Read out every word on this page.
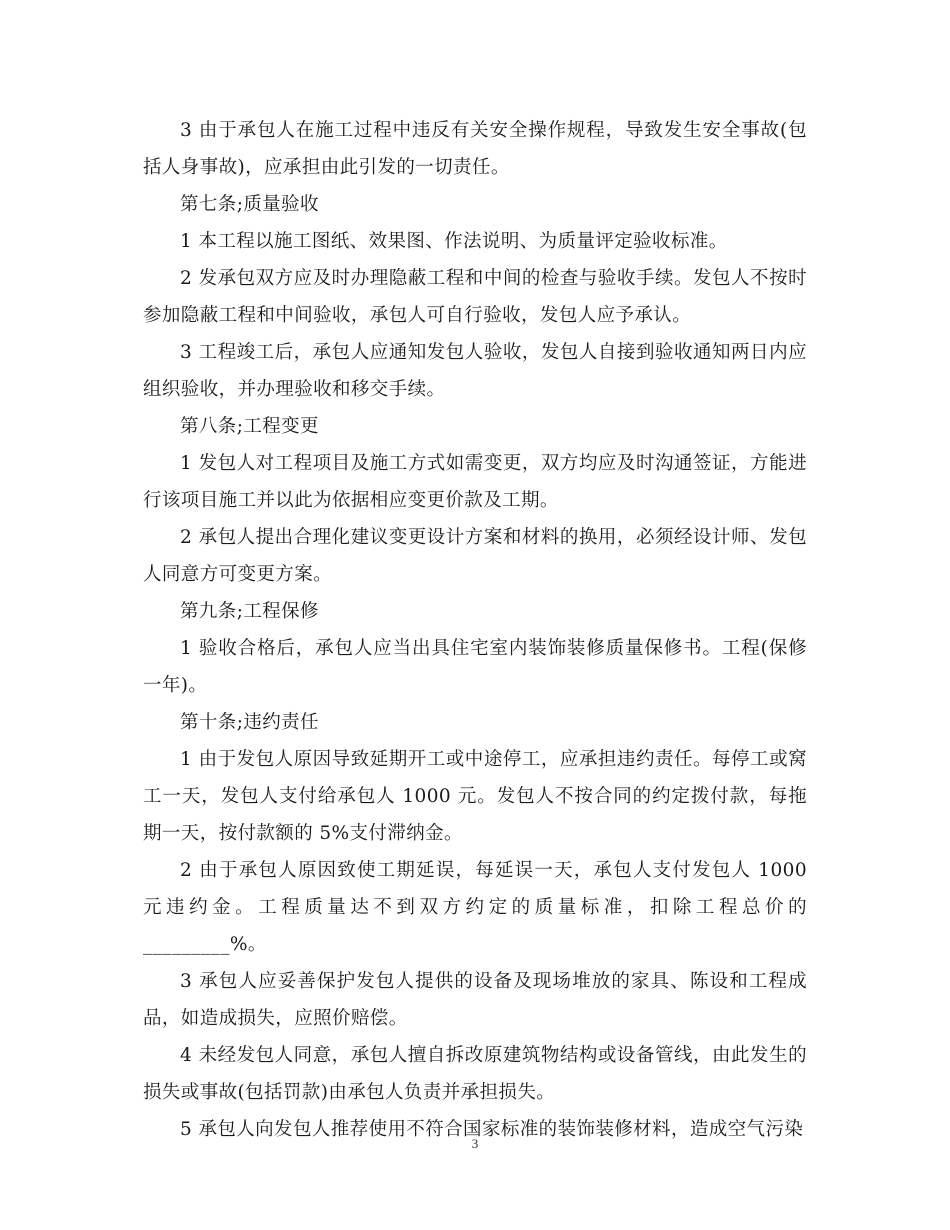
3 由于承包人在施工过程中违反有关安全操作规程，导致发生安全事故(包括人身事故)，应承担由此引发的一切责任。

第七条;质量验收

1 本工程以施工图纸、效果图、作法说明、为质量评定验收标准。

2 发承包双方应及时办理隐蔽工程和中间的检查与验收手续。发包人不按时参加隐蔽工程和中间验收，承包人可自行验收，发包人应予承认。

3 工程竣工后，承包人应通知发包人验收，发包人自接到验收通知两日内应组织验收，并办理验收和移交手续。

第八条;工程变更

1 发包人对工程项目及施工方式如需变更，双方均应及时沟通签证，方能进行该项目施工并以此为依据相应变更价款及工期。

2 承包人提出合理化建议变更设计方案和材料的换用，必须经设计师、发包人同意方可变更方案。

第九条;工程保修

1 验收合格后，承包人应当出具住宅室内装饰装修质量保修书。工程(保修一年)。

第十条;违约责任

1 由于发包人原因导致延期开工或中途停工，应承担违约责任。每停工或窝工一天，发包人支付给承包人 1000 元。发包人不按合同的约定拨付款，每拖期一天，按付款额的 5%支付滞纳金。

2 由于承包人原因致使工期延误，每延误一天，承包人支付发包人 1000 元违约金。工程质量达不到双方约定的质量标准，扣除工程总价的_________%。

3 承包人应妥善保护发包人提供的设备及现场堆放的家具、陈设和工程成品，如造成损失，应照价赔偿。

4 未经发包人同意，承包人擅自拆改原建筑物结构或设备管线，由此发生的损失或事故(包括罚款)由承包人负责并承担损失。

5 承包人向发包人推荐使用不符合国家标准的装饰装修材料，造成空气污染

3
